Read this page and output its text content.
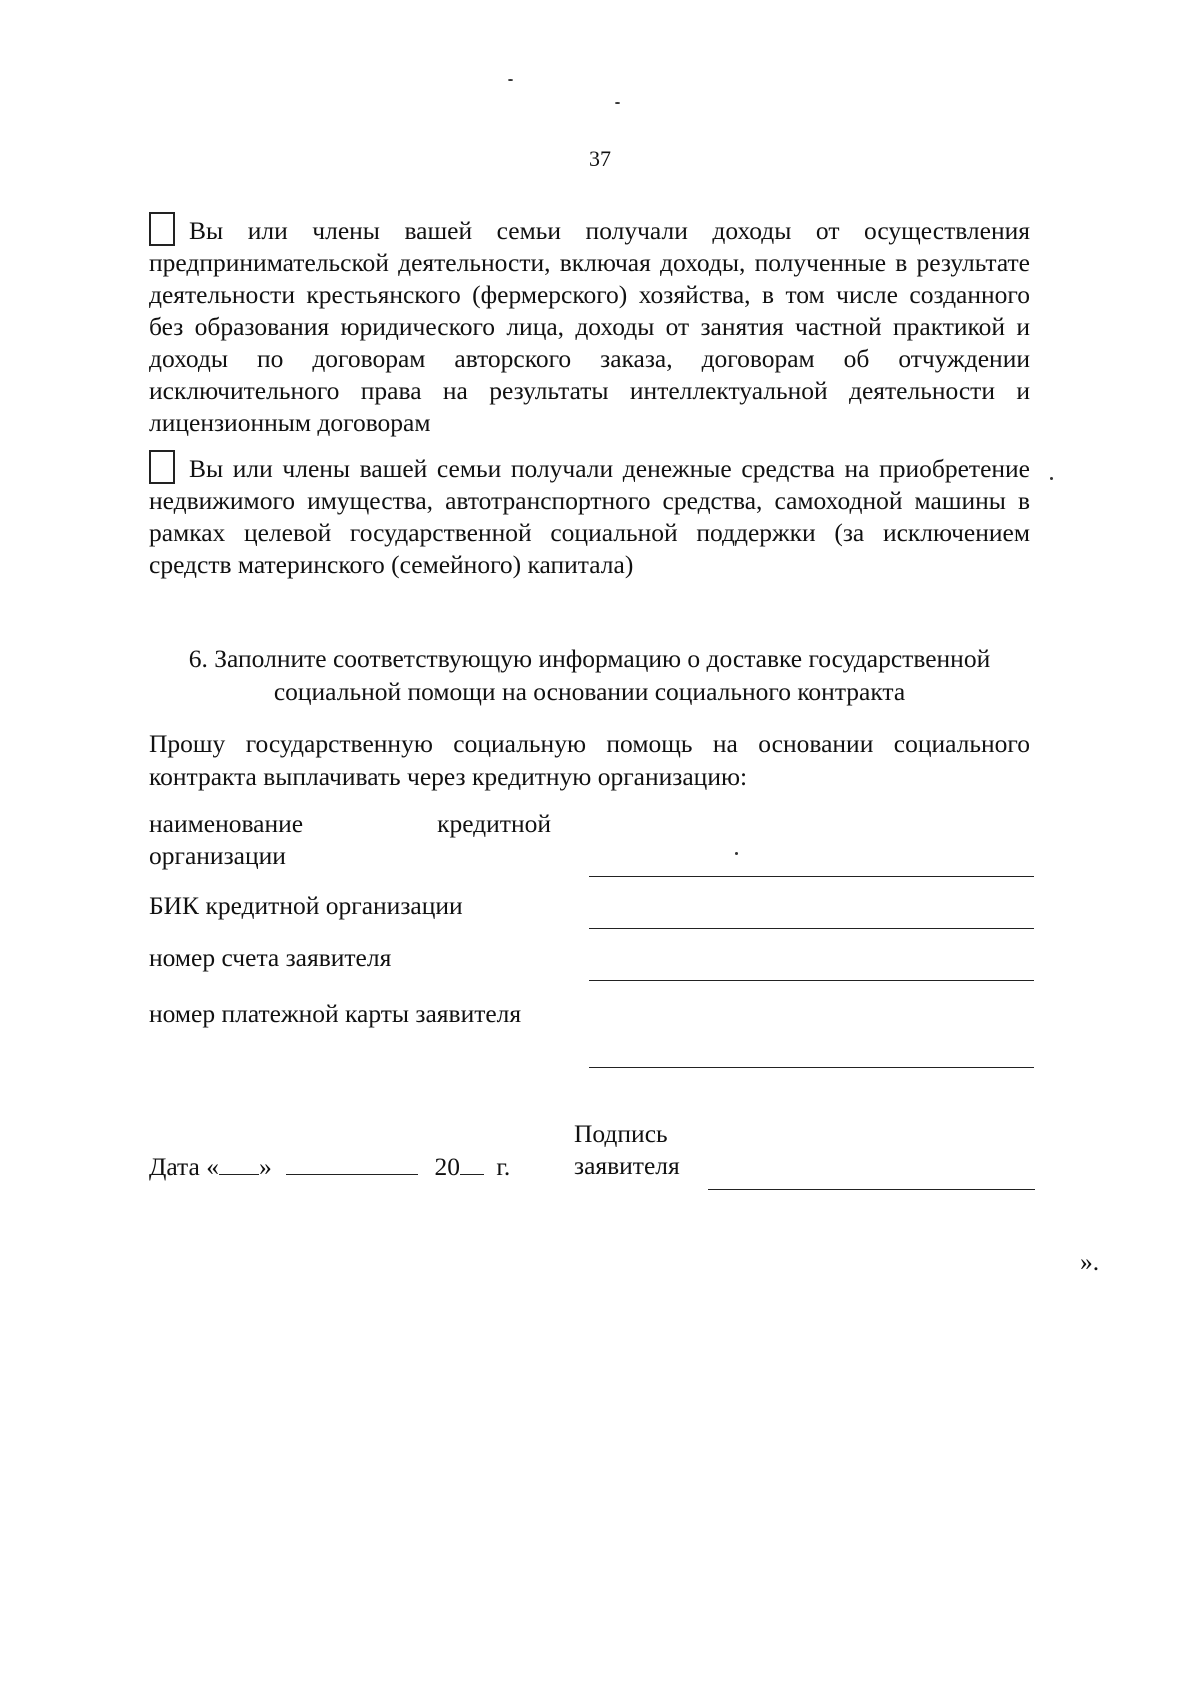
37
Вы или члены вашей семьи получали доходы от осуществления предпринимательской деятельности, включая доходы, полученные в результате деятельности крестьянского (фермерского) хозяйства, в том числе созданного без образования юридического лица, доходы от занятия частной практикой и доходы по договорам авторского заказа, договорам об отчуждении исключительного права на результаты интеллектуальной деятельности и лицензионным договорам
Вы или члены вашей семьи получали денежные средства на приобретение недвижимого имущества, автотранспортного средства, самоходной машины в рамках целевой государственной социальной поддержки (за исключением средств материнского (семейного) капитала)
6. Заполните соответствующую информацию о доставке государственной
социальной помощи на основании социального контракта
Прошу государственную социальную помощь на основании социального контракта выплачивать через кредитную организацию:
наименование кредитной организации
БИК кредитной организации
номер счета заявителя
номер платежной карты заявителя
Дата « »	20 г.
Подпись
заявителя
».
